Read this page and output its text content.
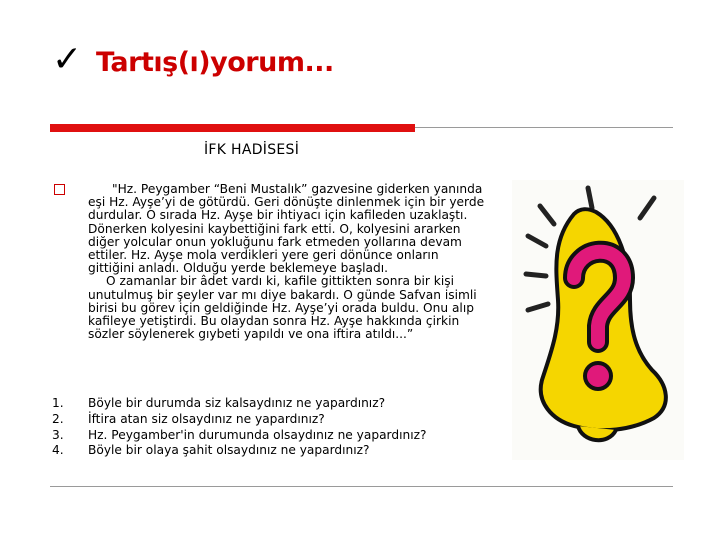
✓ Tartış(ı)yorum...
İFK HADİSESİ

"Hz. Peygamber “Beni Mustalık” gazvesine giderken yanında eşi Hz. Ayşe’yi de götürdü. Geri dönüşte dinlenmek için bir yerde durdular. O sırada Hz. Ayşe bir ihtiyacı için kafileden uzaklaştı. Dönerken kolyesini kaybettiğini fark etti. O, kolyesini ararken diğer yolcular onun yokluğunu fark etmeden yollarına devam ettiler. Hz. Ayşe mola verdikleri yere geri dönünce onların gittiğini anladı. Olduğu yerde beklemeye başladı.

O zamanlar bir âdet vardı ki, kafile gittikten sonra bir kişi unutulmuş bir şeyler var mı diye bakardı. O günde Safvan isimli birisi bu görev için geldiğinde Hz. Ayşe’yi orada buldu. Onu alıp kafileye yetiştirdi. Bu olaydan sonra Hz. Ayşe hakkında çirkin sözler söylenerek gıybeti yapıldı ve ona iftira atıldı...”

1. Böyle bir durumda siz kalsaydınız ne yapardınız?
2. İftira atan siz olsaydınız ne yapardınız?
3. Hz. Peygamber'in durumunda olsaydınız ne yapardınız?
4. Böyle bir olaya şahit olsaydınız ne yapardınız?
